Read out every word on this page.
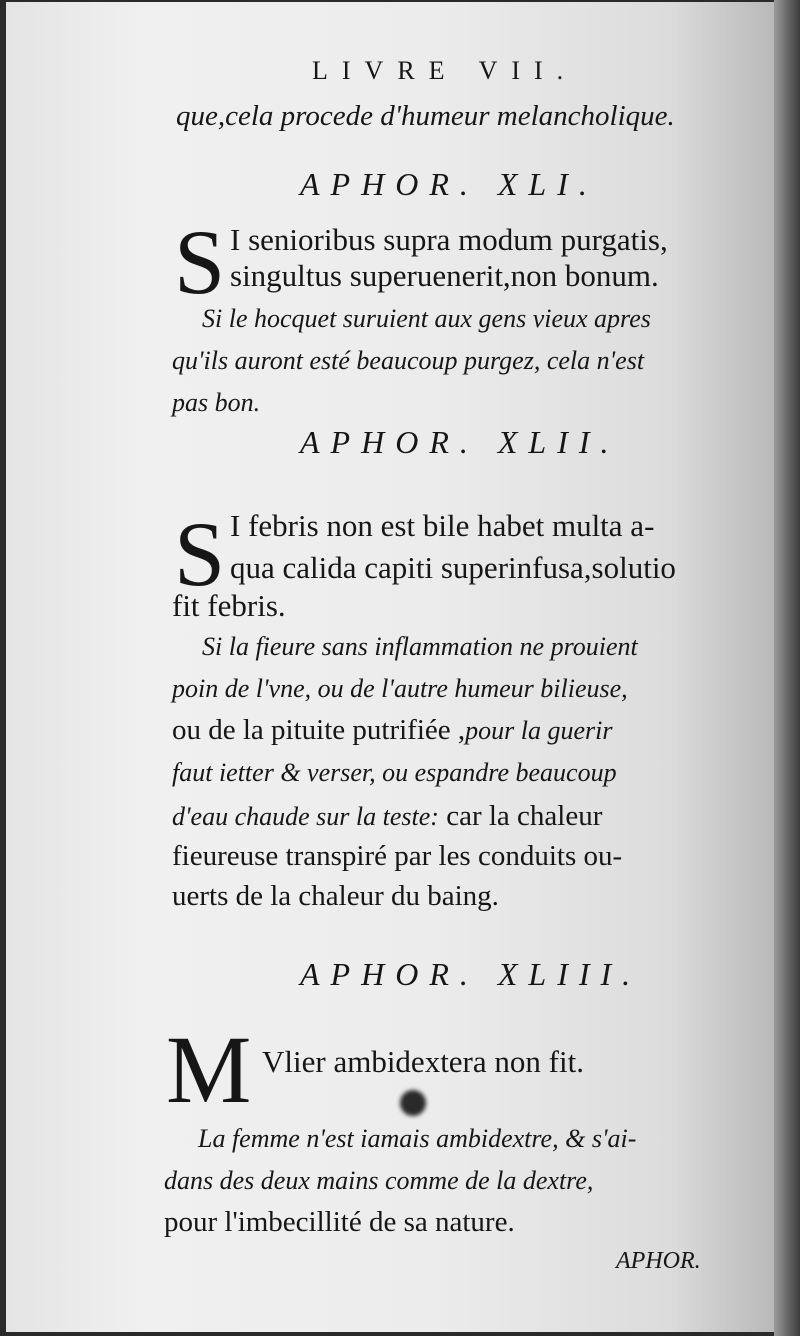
LIVRE VII.
que,cela procede d'humeur melancholique.
APHOR. XLI.
S I senioribus supra modum purgatis,
singultus superuenerit,non bonum.
Si le hocquet suruient aux gens vieux apres
qu'ils auront esté beaucoup purgez, cela n'est
pas bon.
APHOR. XLII.
S I febris non est bile habet multa a-
qua calida capiti superinfusa,solutio
fit febris.
Si la fieure sans inflammation ne prouient
poin de l'vne, ou de l'autre humeur bilieuse,
ou de la pituite putrifiée ,pour la guerir
faut ietter & verser, ou espandre beaucoup
d'eau chaude sur la teste: car la chaleur
fieureuse transpiré par les conduits ou-
uerts de la chaleur du baing.
APHOR. XLIII.
M Vlier ambidextera non fit.
La femme n'est iamais ambidextre, & s'ai-
dans des deux mains comme de la dextre,
pour l'imbecillité de sa nature.
APHOR.
